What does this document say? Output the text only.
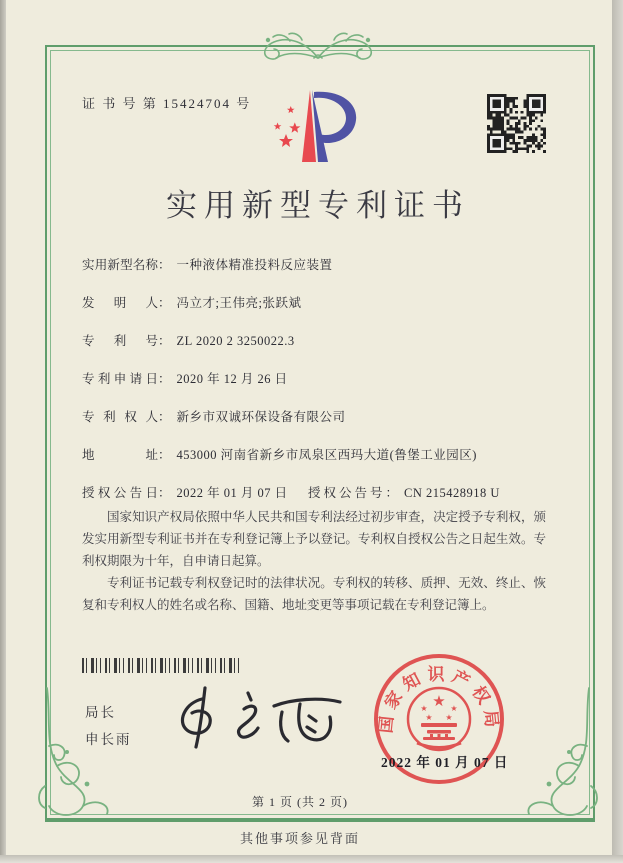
证 书 号 第 15424704 号
实用新型专利证书
实用新型名称： 一种液体精准投料反应装置
发明人： 冯立才;王伟亮;张跃斌
专利号： ZL 2020 2 3250022.3
专利申请日： 2020 年 12 月 26 日
专利权人： 新乡市双诚环保设备有限公司
地址： 453000 河南省新乡市凤泉区西玛大道(鲁堡工业园区)
授权公告日： 2022 年 01 月 07 日 授权公告号： CN 215428918 U

国家知识产权局依照中华人民共和国专利法经过初步审查，决定授予专利权，颁发实用新型专利证书并在专利登记簿上予以登记。专利权自授权公告之日起生效。专利权期限为十年，自申请日起算。

专利证书记载专利权登记时的法律状况。专利权的转移、质押、无效、终止、恢复和专利权人的姓名或名称、国籍、地址变更等事项记载在专利登记簿上。

局长
申长雨
国家知识产权局
★
★	★
★ ★
2022 年 01 月 07 日
第 1 页 (共 2 页)
其他事项参见背面
